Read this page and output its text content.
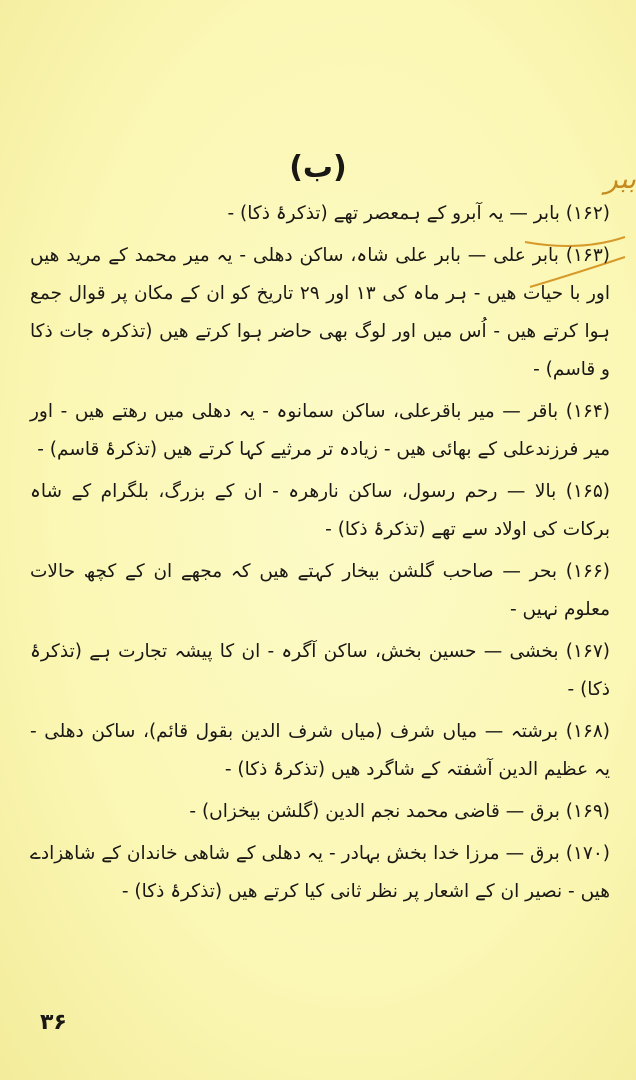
(ب)	ببر

(۱۶۲) بابر — یہ آبرو کے ہمعصر تھے (تذکرۂ ذکا) -

(۱۶۳) بابر علی — بابر علی شاہ، ساکن دھلی - یہ میر محمد کے مرید ھیں اور با حیات ھیں - ہر ماہ کی ۱۳ اور ۲۹ تاریخ کو ان کے مکان پر قوال جمع ہوا کرتے ھیں - اُس میں اور لوگ بھی حاضر ہوا کرتے ھیں (تذکرہ جات ذکا و قاسم) -

(۱۶۴) باقر — میر باقرعلی، ساکن سمانوہ - یہ دھلی میں رھتے ھیں - اور میر فرزندعلی کے بھائی ھیں - زیادہ تر مرثیے کہا کرتے ھیں (تذکرۂ قاسم) -

(۱۶۵) بالا — رحم رسول، ساکن نارھرہ - ان کے بزرگ، بلگرام کے شاہ برکات کی اولاد سے تھے (تذکرۂ ذکا) -

(۱۶۶) بحر — صاحب گلشن بیخار کہتے ھیں کہ مجھے ان کے کچھ حالات معلوم نہیں -

(۱۶۷) بخشی — حسین بخش، ساکن آگرہ - ان کا پیشہ تجارت ہے (تذکرۂ ذکا) -

(۱۶۸) برشتہ — میاں شرف (میاں شرف الدین بقول قائم)، ساکن دھلی - یہ عظیم الدین آشفتہ کے شاگرد ھیں (تذکرۂ ذکا) -

(۱۶۹) برق — قاضی محمد نجم الدین (گلشن بیخزاں) -

(۱۷۰) برق — مرزا خدا بخش بہادر - یہ دھلی کے شاھی خاندان کے شاھزادے ھیں - نصیر ان کے اشعار پر نظر ثانی کیا کرتے ھیں (تذکرۂ ذکا) -

۳۶
